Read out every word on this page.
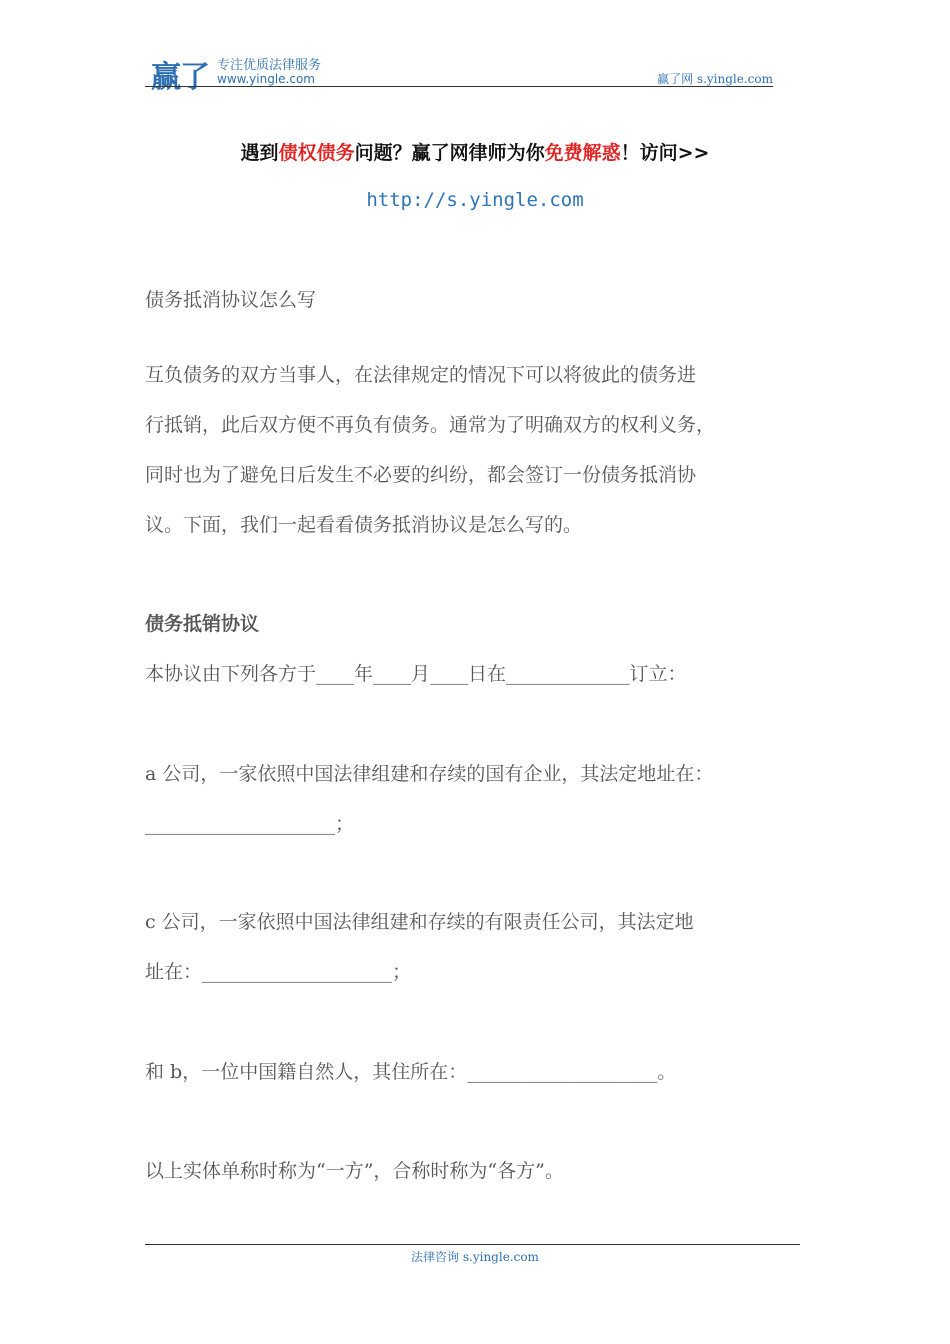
赢了 专注优质法律服务
www.yingle.com	赢了网 s.yingle.com
遇到债权债务问题？赢了网律师为你免费解惑！访问>>
http://s.yingle.com
债务抵消协议怎么写
互负债务的双方当事人，在法律规定的情况下可以将彼此的债务进
行抵销，此后双方便不再负有债务。通常为了明确双方的权利义务，
同时也为了避免日后发生不必要的纠纷，都会签订一份债务抵消协
议。下面，我们一起看看债务抵消协议是怎么写的。
债务抵销协议
本协议由下列各方于____年____月____日在_____________订立：
a 公司，一家依照中国法律组建和存续的国有企业，其法定地址在：
____________________；
c 公司，一家依照中国法律组建和存续的有限责任公司，其法定地
址在：____________________；
和 b，一位中国籍自然人，其住所在：____________________。
以上实体单称时称为“一方”，合称时称为“各方”。
法律咨询 s.yingle.com
